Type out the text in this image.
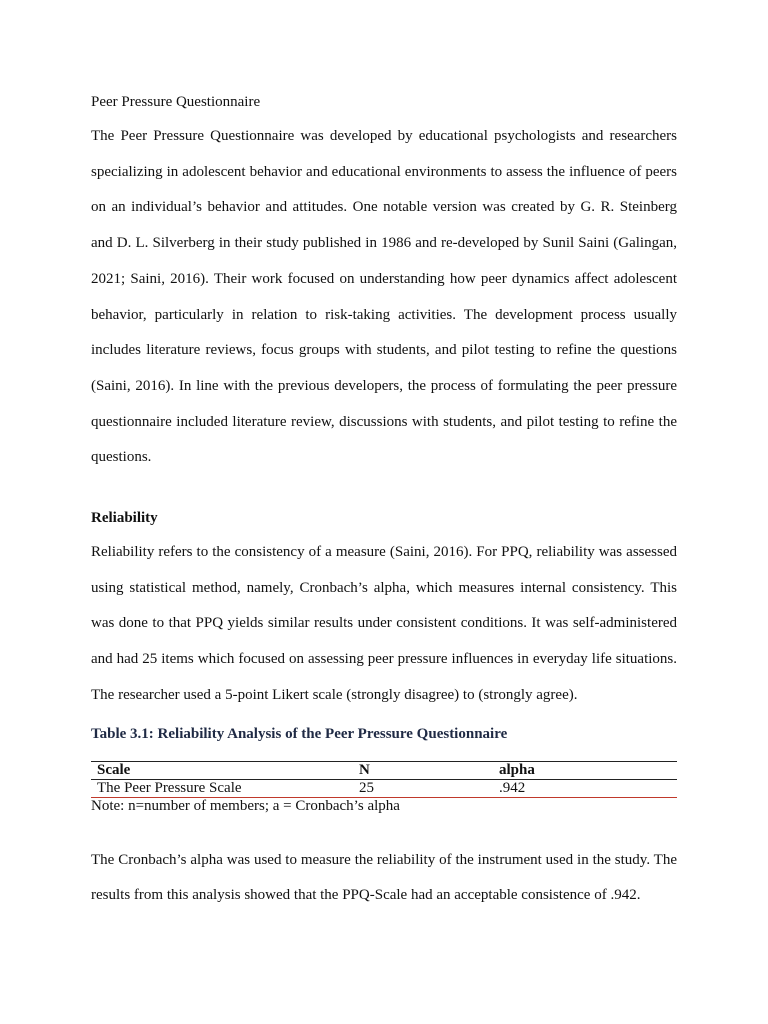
Peer Pressure Questionnaire

The Peer Pressure Questionnaire was developed by educational psychologists and researchers specializing in adolescent behavior and educational environments to assess the influence of peers on an individual’s behavior and attitudes. One notable version was created by G. R. Steinberg and D. L. Silverberg in their study published in 1986 and re-developed by Sunil Saini (Galingan, 2021; Saini, 2016). Their work focused on understanding how peer dynamics affect adolescent behavior, particularly in relation to risk-taking activities. The development process usually includes literature reviews, focus groups with students, and pilot testing to refine the questions (Saini, 2016). In line with the previous developers, the process of formulating the peer pressure questionnaire included literature review, discussions with students, and pilot testing to refine the questions.

Reliability

Reliability refers to the consistency of a measure (Saini, 2016). For PPQ, reliability was assessed using statistical method, namely, Cronbach’s alpha, which measures internal consistency. This was done to that PPQ yields similar results under consistent conditions. It was self-administered and had 25 items which focused on assessing peer pressure influences in everyday life situations. The researcher used a 5-point Likert scale (strongly disagree) to (strongly agree).

Table 3.1: Reliability Analysis of the Peer Pressure Questionnaire
Scale	N	alpha
The Peer Pressure Scale	25	.942
Note: n=number of members; a = Cronbach’s alpha

The Cronbach’s alpha was used to measure the reliability of the instrument used in the study. The results from this analysis showed that the PPQ-Scale had an acceptable consistence of .942.
